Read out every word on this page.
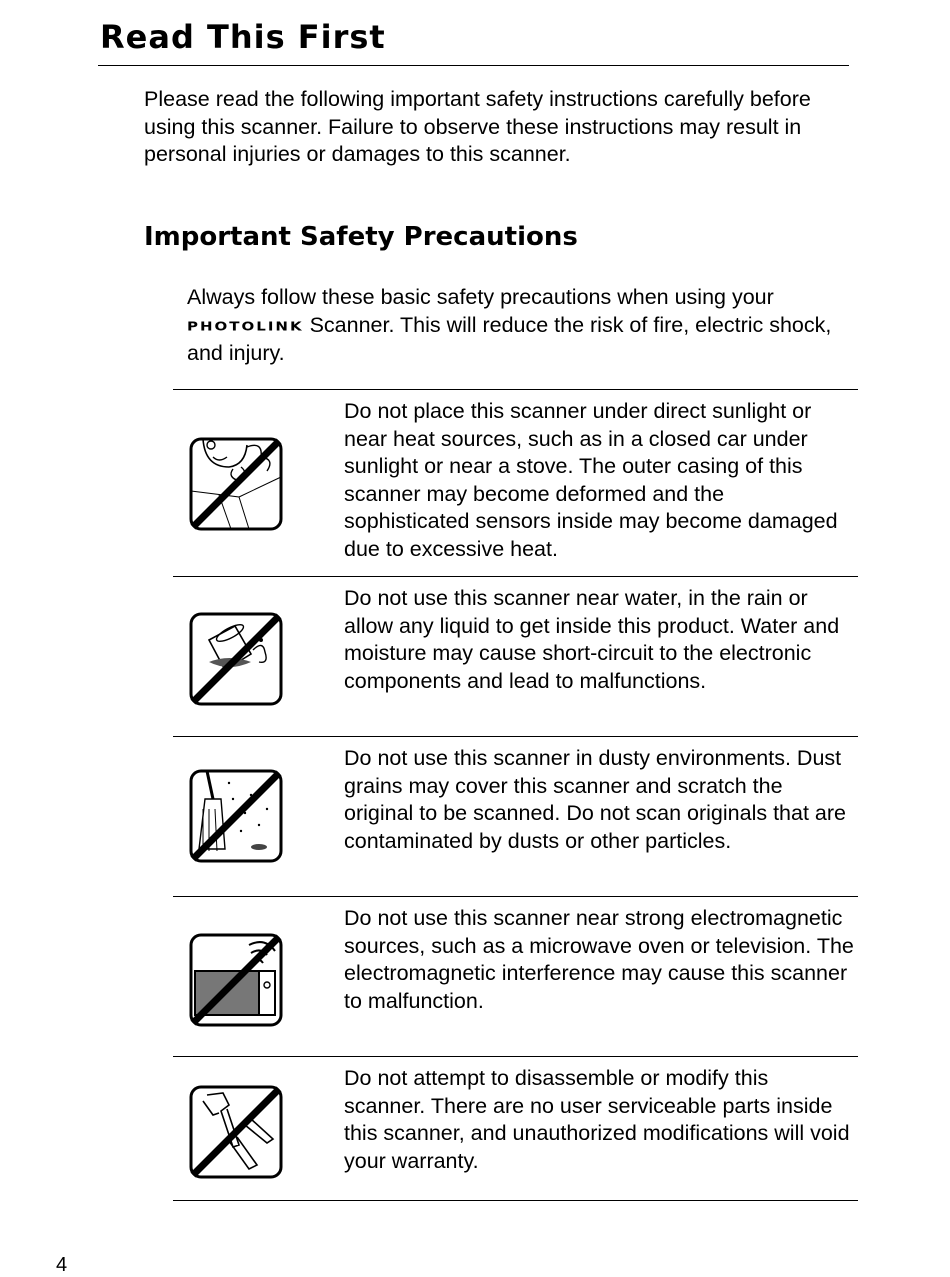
Read This First

Please read the following important safety instructions carefully before using this scanner. Failure to observe these instructions may result in personal injuries or damages to this scanner.

Important Safety Precautions

Always follow these basic safety precautions when using your PHOTOLINK Scanner. This will reduce the risk of fire, electric shock, and injury.

Do not place this scanner under direct sunlight or near heat sources, such as in a closed car under sunlight or near a stove. The outer casing of this scanner may become deformed and the sophisticated sensors inside may become damaged due to excessive heat.

Do not use this scanner near water, in the rain or allow any liquid to get inside this product. Water and moisture may cause short-circuit to the electronic components and lead to malfunctions.

Do not use this scanner in dusty environments. Dust grains may cover this scanner and scratch the original to be scanned. Do not scan originals that are contaminated by dusts or other particles.

Do not use this scanner near strong electromagnetic sources, such as a microwave oven or television. The electromagnetic interference may cause this scanner to malfunction.

Do not attempt to disassemble or modify this scanner. There are no user serviceable parts inside this scanner, and unauthorized modifications will void your warranty.

4
